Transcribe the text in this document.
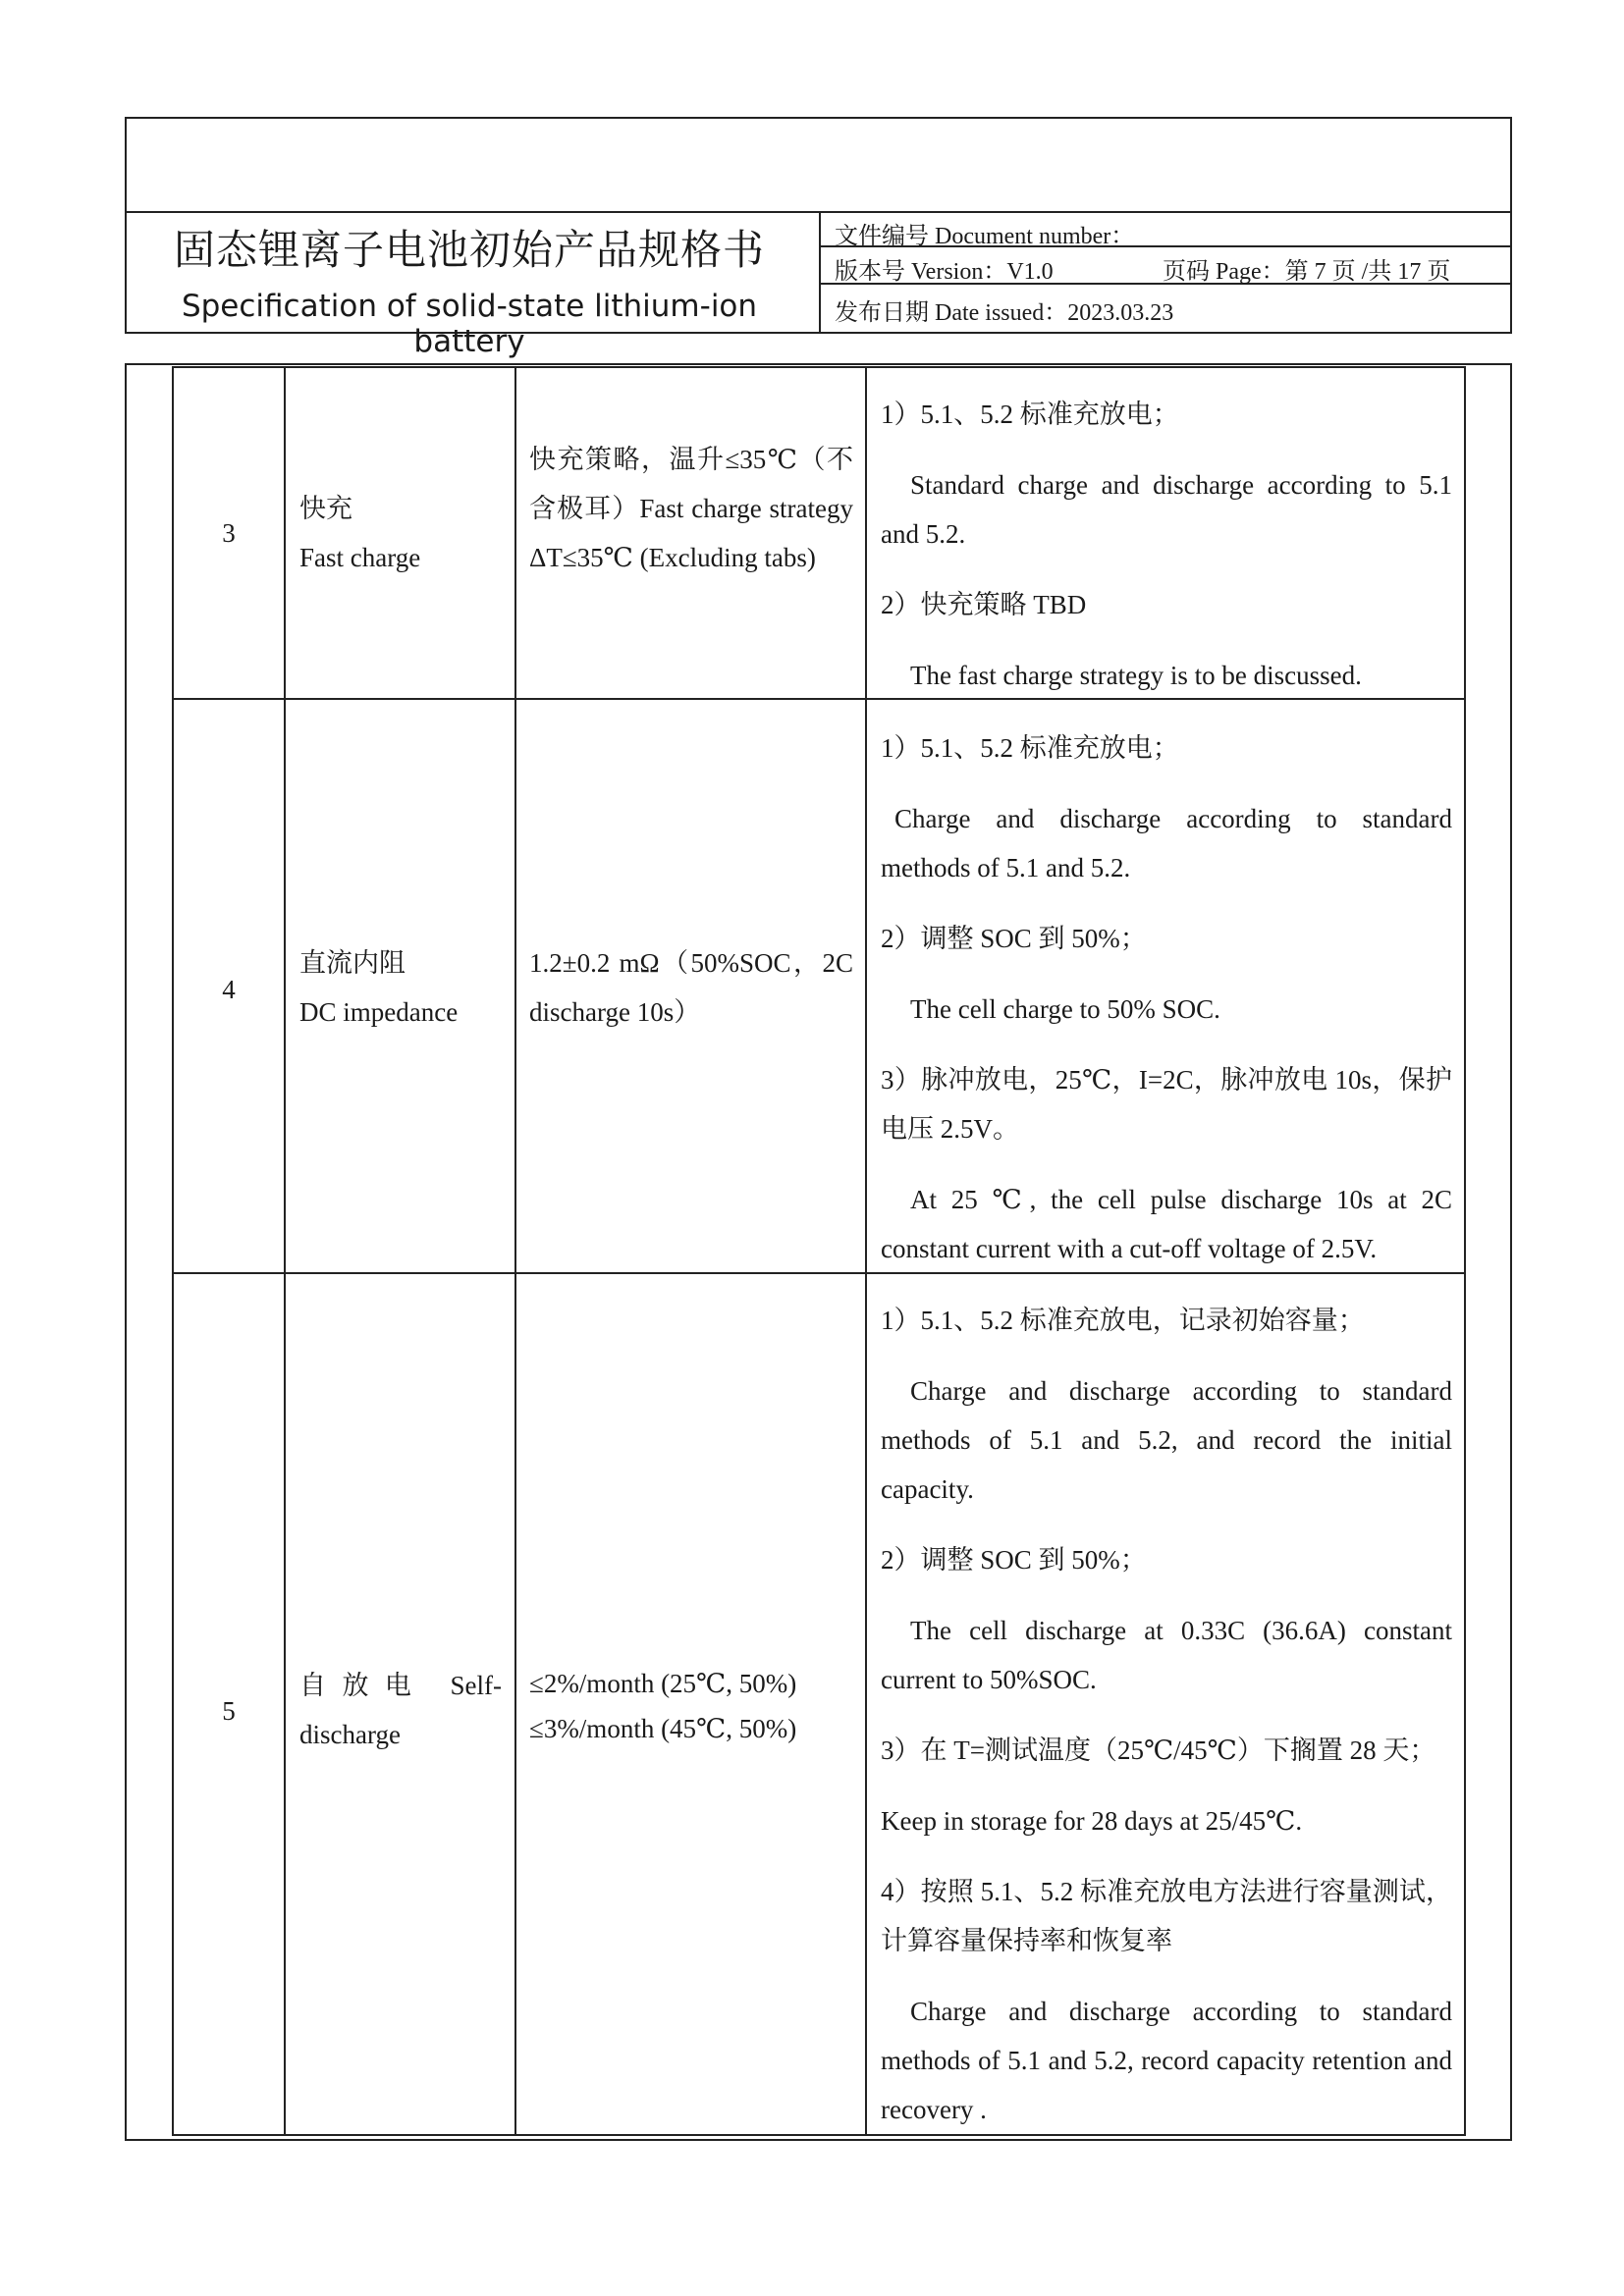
固态锂离子电池初始产品规格书
Specification of solid-state lithium-ion battery
文件编号 Document number：
版本号 Version：V1.0	页码 Page：第 7 页 /共 17 页
发布日期 Date issued：2023.03.23
3
快充
Fast charge
快充策略，温升≤35℃（不含极耳）Fast charge strategy ΔT≤35℃ (Excluding tabs)

1）5.1、5.2 标准充放电；

Standard charge and discharge according to 5.1 and 5.2.

2）快充策略 TBD

The fast charge strategy is to be discussed.

4
直流内阻
DC impedance
1.2±0.2 mΩ（50%SOC，2C discharge 10s）

1）5.1、5.2 标准充放电；

Charge and discharge according to standard methods of 5.1 and 5.2.

2）调整 SOC 到 50%；

The cell charge to 50% SOC.

3）脉冲放电，25℃，I=2C，脉冲放电 10s，保护电压 2.5V。

At 25 ℃, the cell pulse discharge 10s at 2C constant current with a cut-off voltage of 2.5V.

5
自放电 Self-discharge
≤2%/month (25℃, 50%)
≤3%/month (45℃, 50%)

1）5.1、5.2 标准充放电，记录初始容量；

Charge and discharge according to standard methods of 5.1 and 5.2, and record the initial capacity.

2）调整 SOC 到 50%；

The cell discharge at 0.33C (36.6A) constant current to 50%SOC.

3）在 T=测试温度（25℃/45℃）下搁置 28 天；

Keep in storage for 28 days at 25/45℃.

4）按照 5.1、5.2 标准充放电方法进行容量测试，计算容量保持率和恢复率

Charge and discharge according to standard methods of 5.1 and 5.2, record capacity retention and recovery .
